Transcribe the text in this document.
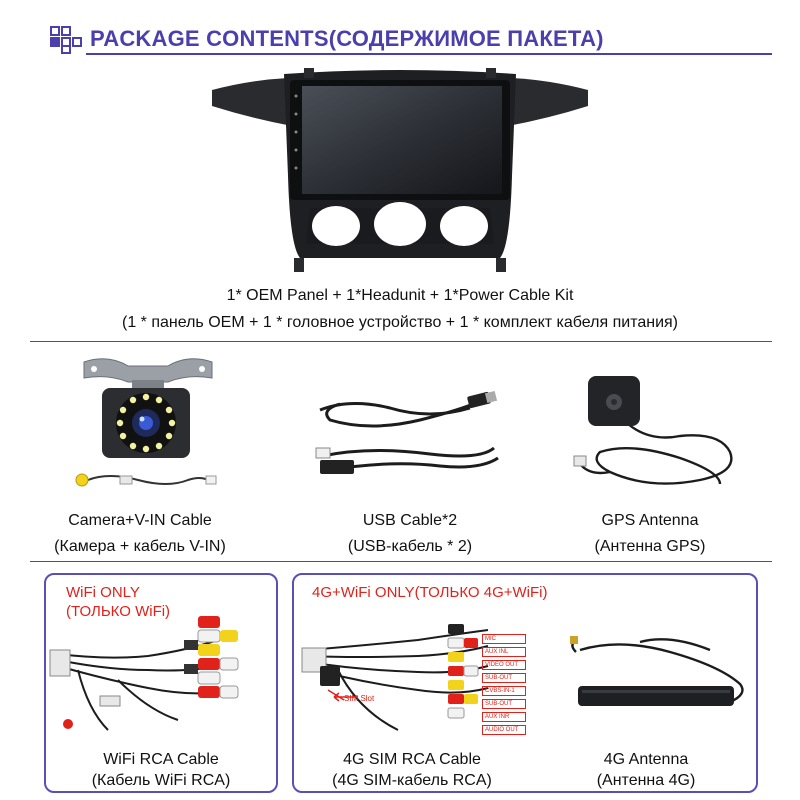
PACKAGE CONTENTS(СОДЕРЖИМОЕ ПАКЕТА)
1* OEM Panel + 1*Headunit + 1*Power Cable Kit
(1 * панель OEM + 1 * головное устройство + 1 * комплект кабеля питания)
Camera+V-IN Cable
(Камера + кабель V-IN)
USB Cable*2
(USB-кабель * 2)
GPS Antenna
(Антенна GPS)
WiFi ONLY
(ТОЛЬКО WiFi)
WiFi RCA Cable
(Кабель WiFi RCA)
4G+WiFi ONLY(ТОЛЬКО 4G+WiFi)
MIC
AUX INL
VIDEO OUT
SUB-OUT
CVBS-IN-1
SUB-OUT
AUX INR
AUDIO OUT
SIM Slot
4G SIM RCA Cable
(4G SIM-кабель RCA)
4G Antenna
(Антенна 4G)
